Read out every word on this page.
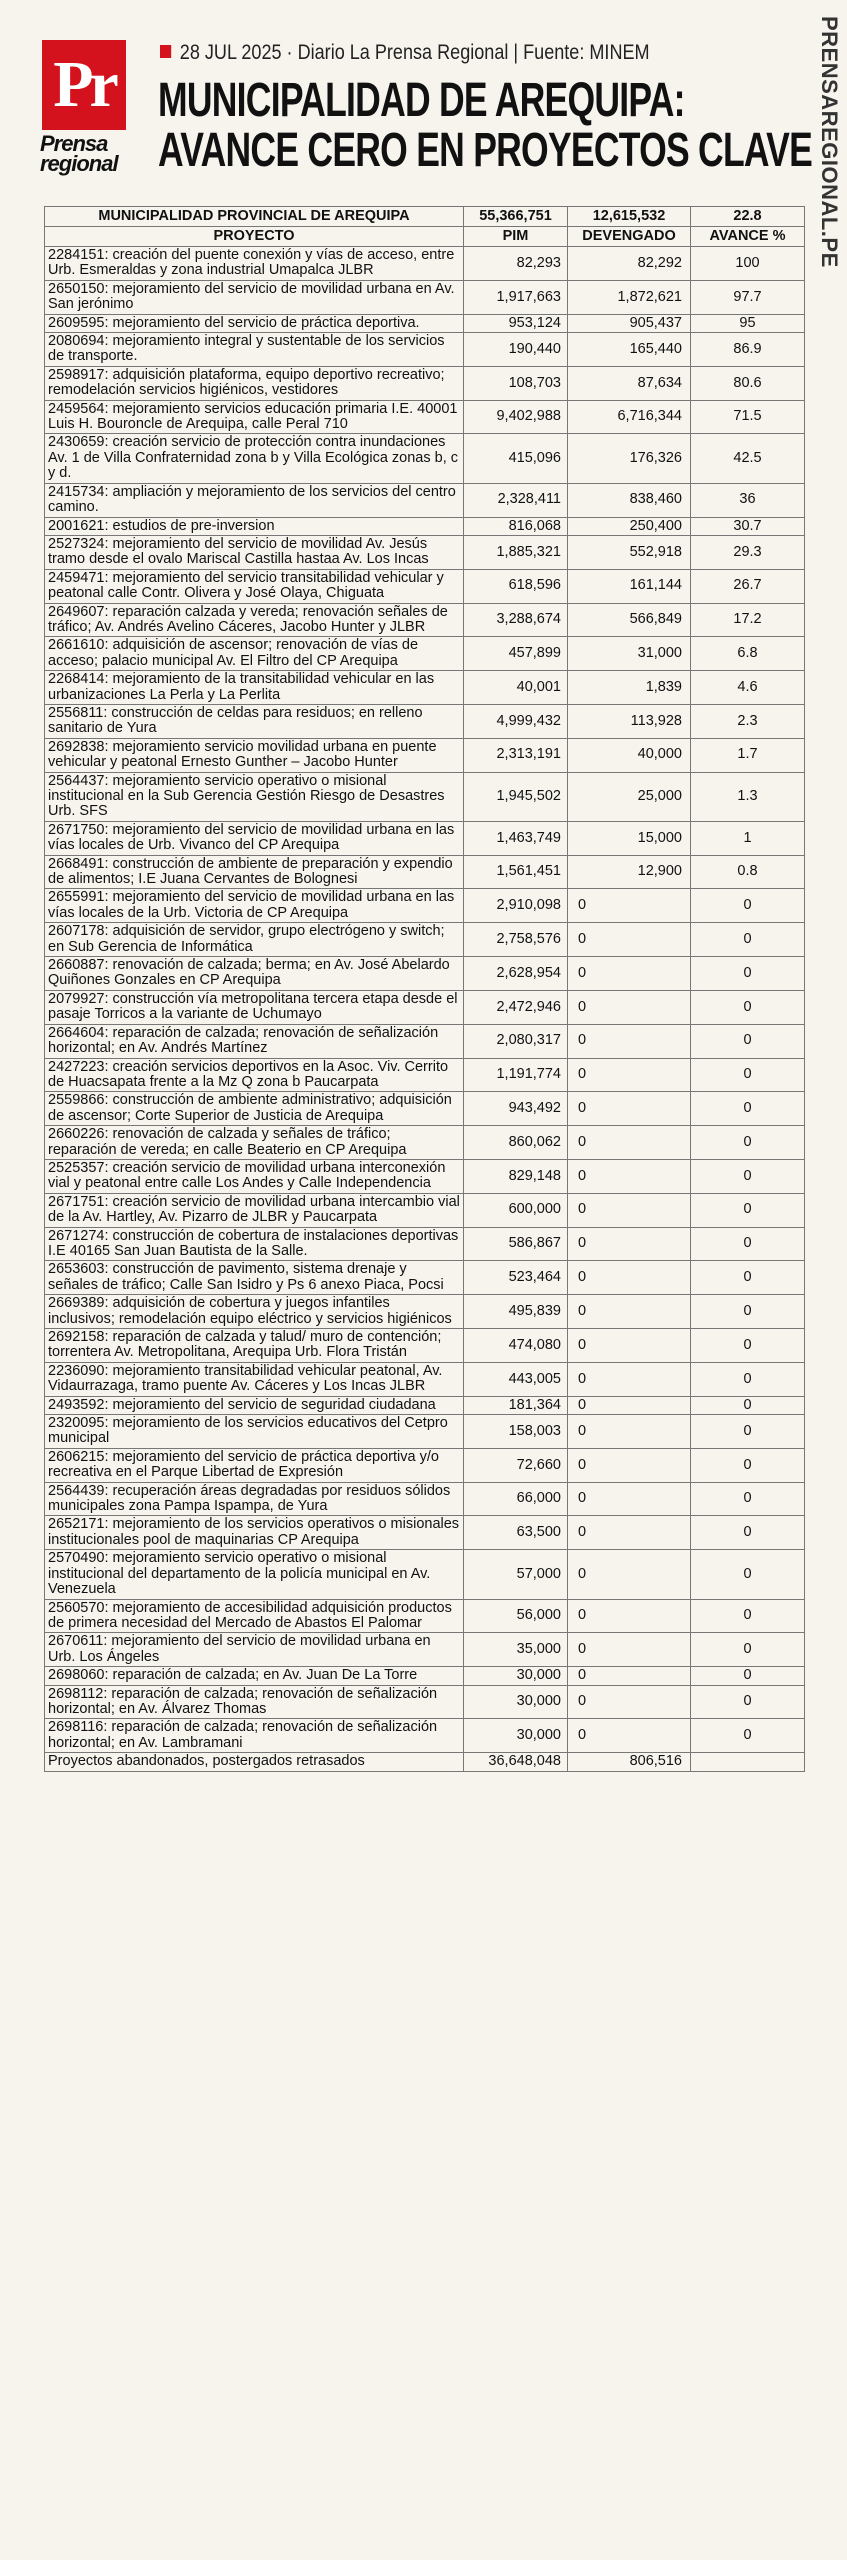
Pr
Prensa
regional
28 JUL 2025 · Diario La Prensa Regional | Fuente: MINEM
MUNICIPALIDAD DE AREQUIPA:
AVANCE CERO EN PROYECTOS CLAVE PRENSAREGIONAL.PE
MUNICIPALIDAD PROVINCIAL DE AREQUIPA	55,366,751	12,615,532	22.8
PROYECTO	PIM	DEVENGADO	AVANCE %
2284151: creación del puente conexión y vías de acceso, entre Urb. Esmeraldas y zona industrial Umapalca JLBR	82,293	82,292	100
2650150: mejoramiento del servicio de movilidad urbana en Av. San jerónimo	1,917,663	1,872,621	97.7
2609595: mejoramiento del servicio de práctica deportiva.	953,124	905,437	95
2080694: mejoramiento integral y sustentable de los servicios de transporte.	190,440	165,440	86.9
2598917: adquisición plataforma, equipo deportivo recreativo; remodelación servicios higiénicos, vestidores	108,703	87,634	80.6
2459564: mejoramiento servicios educación primaria I.E. 40001 Luis H. Bouroncle de Arequipa, calle Peral 710	9,402,988	6,716,344	71.5
2430659: creación servicio de protección contra inundaciones Av. 1 de Villa Confraternidad zona b y Villa Ecológica zonas b, c y d.	415,096	176,326	42.5
2415734: ampliación y mejoramiento de los servicios del centro camino.	2,328,411	838,460	36
2001621: estudios de pre-inversion	816,068	250,400	30.7
2527324: mejoramiento del servicio de movilidad Av. Jesús tramo desde el ovalo Mariscal Castilla hastaa Av. Los Incas	1,885,321	552,918	29.3
2459471: mejoramiento del servicio transitabilidad vehicular y peatonal calle Contr. Olivera y José Olaya, Chiguata	618,596	161,144	26.7
2649607: reparación calzada y vereda; renovación señales de tráfico; Av. Andrés Avelino Cáceres, Jacobo Hunter y JLBR	3,288,674	566,849	17.2
2661610: adquisición de ascensor; renovación de vías de acceso; palacio municipal Av. El Filtro del CP Arequipa	457,899	31,000	6.8
2268414: mejoramiento de la transitabilidad vehicular en las urbanizaciones La Perla y La Perlita	40,001	1,839	4.6
2556811: construcción de celdas para residuos; en relleno sanitario de Yura	4,999,432	113,928	2.3
2692838: mejoramiento servicio movilidad urbana en puente vehicular y peatonal Ernesto Gunther – Jacobo Hunter	2,313,191	40,000	1.7
2564437: mejoramiento servicio operativo o misional institucional en la Sub Gerencia Gestión Riesgo de Desastres Urb. SFS	1,945,502	25,000	1.3
2671750: mejoramiento del servicio de movilidad urbana en las vías locales de Urb. Vivanco del CP Arequipa	1,463,749	15,000	1
2668491: construcción de ambiente de preparación y expendio de alimentos; I.E Juana Cervantes de Bolognesi	1,561,451	12,900	0.8
2655991: mejoramiento del servicio de movilidad urbana en las vías locales de la Urb. Victoria de CP Arequipa	2,910,098	0	0
2607178: adquisición de servidor, grupo electrógeno y switch; en Sub Gerencia de Informática	2,758,576	0	0
2660887: renovación de calzada; berma; en Av. José Abelardo Quiñones Gonzales en CP Arequipa	2,628,954	0	0
2079927: construcción vía metropolitana tercera etapa desde el pasaje Torricos a la variante de Uchumayo	2,472,946	0	0
2664604: reparación de calzada; renovación de señalización horizontal; en Av. Andrés Martínez	2,080,317	0	0
2427223: creación servicios deportivos en la Asoc. Viv. Cerrito de Huacsapata frente a la Mz Q zona b Paucarpata	1,191,774	0	0
2559866: construcción de ambiente administrativo; adquisición de ascensor; Corte Superior de Justicia de Arequipa	943,492	0	0
2660226: renovación de calzada y señales de tráfico; reparación de vereda; en calle Beaterio en CP Arequipa	860,062	0	0
2525357: creación servicio de movilidad urbana interconexión vial y peatonal entre calle Los Andes y Calle Independencia	829,148	0	0
2671751: creación servicio de movilidad urbana intercambio vial de la Av. Hartley, Av. Pizarro de JLBR y Paucarpata	600,000	0	0
2671274: construcción de cobertura de instalaciones deportivas I.E 40165 San Juan Bautista de la Salle.	586,867	0	0
2653603: construcción de pavimento, sistema drenaje y señales de tráfico; Calle San Isidro y Ps 6 anexo Piaca, Pocsi	523,464	0	0
2669389: adquisición de cobertura y juegos infantiles inclusivos; remodelación equipo eléctrico y servicios higiénicos	495,839	0	0
2692158: reparación de calzada y talud/ muro de contención; torrentera Av. Metropolitana, Arequipa Urb. Flora Tristán	474,080	0	0
2236090: mejoramiento transitabilidad vehicular peatonal, Av. Vidaurrazaga, tramo puente Av. Cáceres y Los Incas JLBR	443,005	0	0
2493592: mejoramiento del servicio de seguridad ciudadana	181,364	0	0
2320095: mejoramiento de los servicios educativos del Cetpro municipal	158,003	0	0
2606215: mejoramiento del servicio de práctica deportiva y/o recreativa en el Parque Libertad de Expresión	72,660	0	0
2564439: recuperación áreas degradadas por residuos sólidos municipales zona Pampa Ispampa, de Yura	66,000	0	0
2652171: mejoramiento de los servicios operativos o misionales institucionales pool de maquinarias CP Arequipa	63,500	0	0
2570490: mejoramiento servicio operativo o misional institucional del departamento de la policía municipal en Av. Venezuela	57,000	0	0
2560570: mejoramiento de accesibilidad adquisición productos de primera necesidad del Mercado de Abastos El Palomar	56,000	0	0
2670611: mejoramiento del servicio de movilidad urbana en Urb. Los Ángeles	35,000	0	0
2698060: reparación de calzada; en Av. Juan De La Torre	30,000	0	0
2698112: reparación de calzada; renovación de señalización horizontal; en Av. Álvarez Thomas	30,000	0	0
2698116: reparación de calzada; renovación de señalización horizontal; en Av. Lambramani	30,000	0	0
Proyectos abandonados, postergados retrasados	36,648,048	806,516	
